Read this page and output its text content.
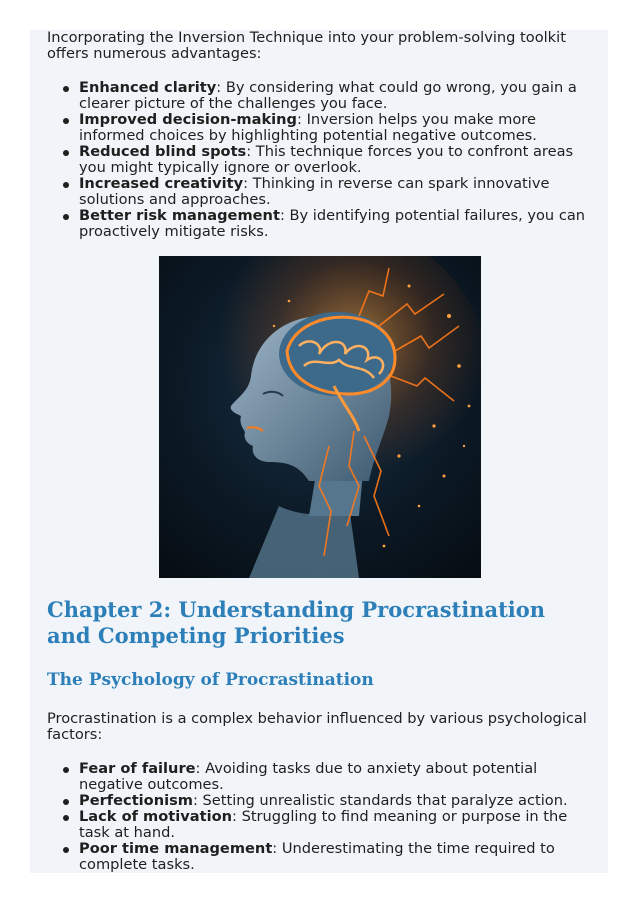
Incorporating the Inversion Technique into your problem-solving toolkit offers numerous advantages:

Enhanced clarity: By considering what could go wrong, you gain a clearer picture of the challenges you face.
Improved decision-making: Inversion helps you make more informed choices by highlighting potential negative outcomes.
Reduced blind spots: This technique forces you to confront areas you might typically ignore or overlook.
Increased creativity: Thinking in reverse can spark innovative solutions and approaches.
Better risk management: By identifying potential failures, you can proactively mitigate risks.
Chapter 2: Understanding Procrastination and Competing Priorities
The Psychology of Procrastination

Procrastination is a complex behavior influenced by various psychological factors:

Fear of failure: Avoiding tasks due to anxiety about potential negative outcomes.
Perfectionism: Setting unrealistic standards that paralyze action.
Lack of motivation: Struggling to find meaning or purpose in the task at hand.
Poor time management: Underestimating the time required to complete tasks.
